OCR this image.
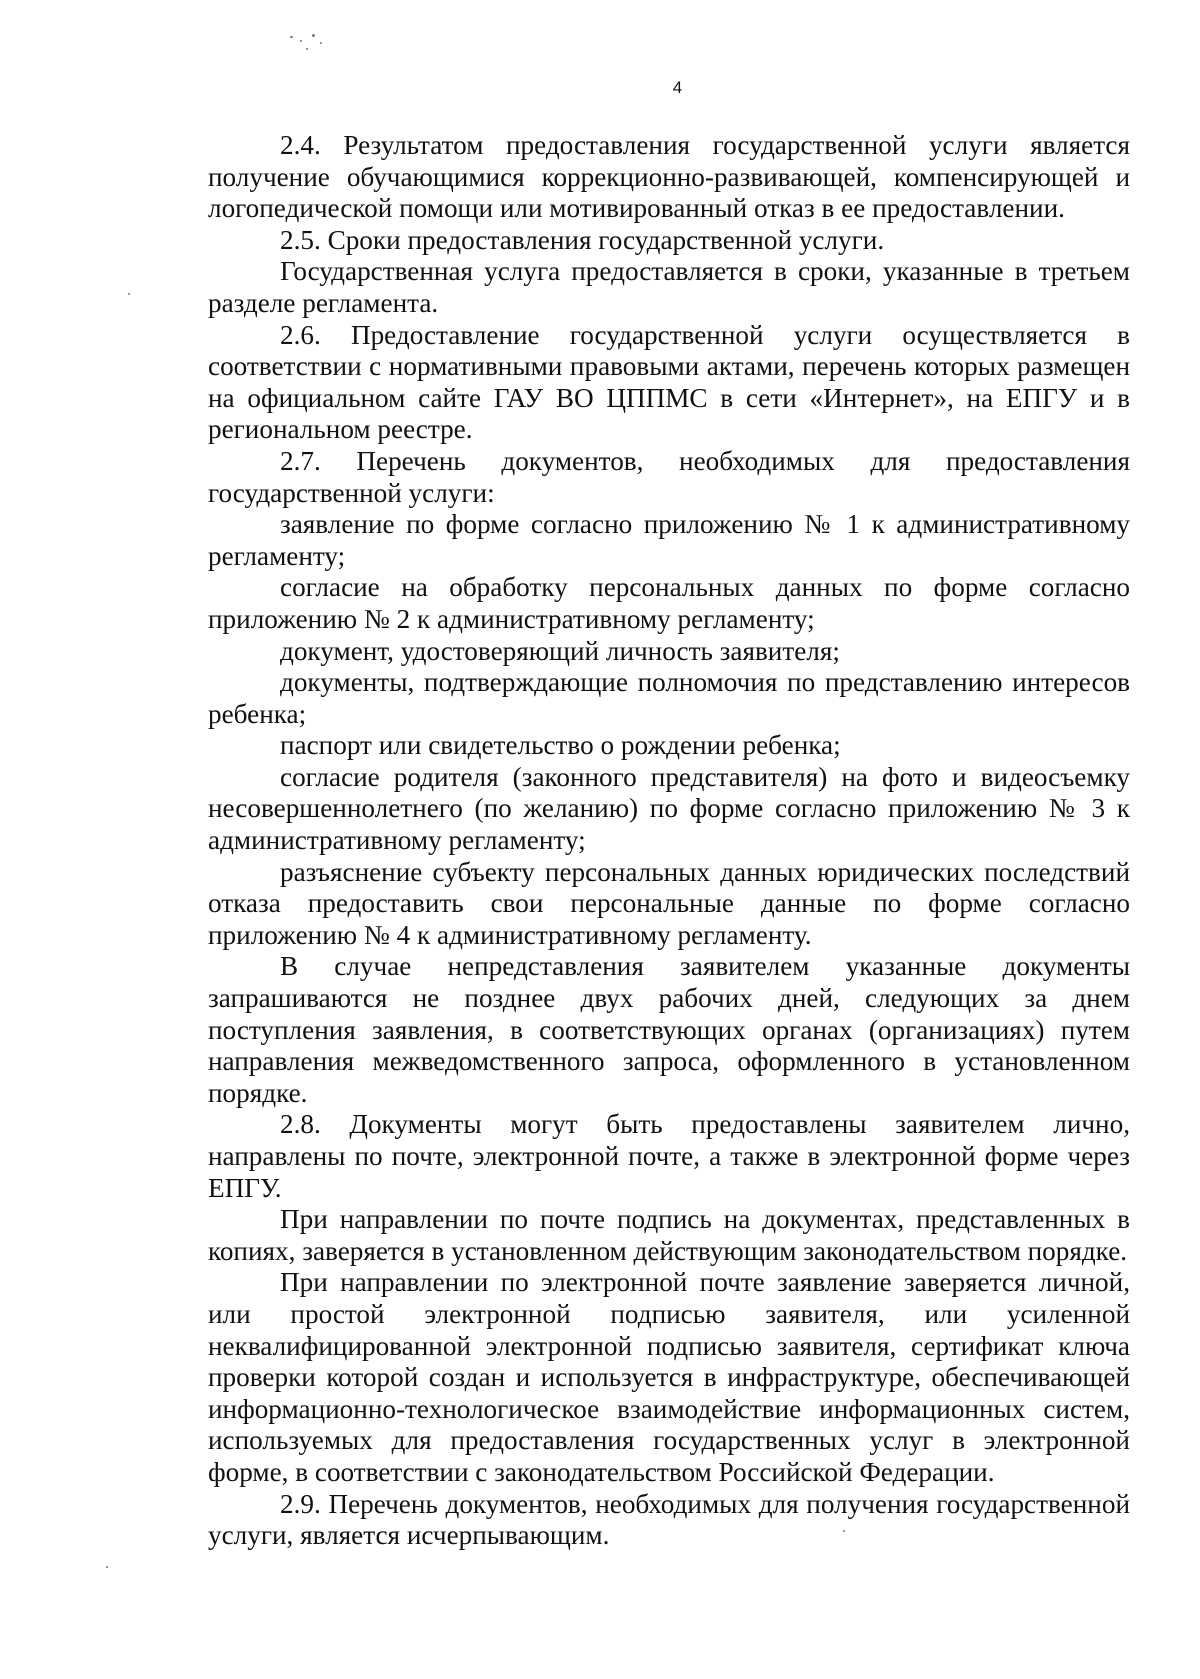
4

2.4. Результатом предоставления государственной услуги является получение обучающимися коррекционно-развивающей, компенсирующей и логопедической помощи или мотивированный отказ в ее предоставлении.

2.5. Сроки предоставления государственной услуги.

Государственная услуга предоставляется в сроки, указанные в третьем разделе регламента.

2.6. Предоставление государственной услуги осуществляется в соответствии с нормативными правовыми актами, перечень которых размещен на официальном сайте ГАУ ВО ЦППМС в сети «Интернет», на ЕПГУ и в региональном реестре.

2.7. Перечень документов, необходимых для предоставления государственной услуги:

заявление по форме согласно приложению № 1 к административному регламенту;

согласие на обработку персональных данных по форме согласно приложению № 2 к административному регламенту;

документ, удостоверяющий личность заявителя;

документы, подтверждающие полномочия по представлению интересов ребенка;

паспорт или свидетельство о рождении ребенка;

согласие родителя (законного представителя) на фото и видеосъемку несовершеннолетнего (по желанию) по форме согласно приложению № 3 к административному регламенту;

разъяснение субъекту персональных данных юридических последствий отказа предоставить свои персональные данные по форме согласно приложению № 4 к административному регламенту.

В случае непредставления заявителем указанные документы запрашиваются не позднее двух рабочих дней, следующих за днем поступления заявления, в соответствующих органах (организациях) путем направления межведомственного запроса, оформленного в установленном порядке.

2.8. Документы могут быть предоставлены заявителем лично, направлены по почте, электронной почте, а также в электронной форме через ЕПГУ.

При направлении по почте подпись на документах, представленных в копиях, заверяется в установленном действующим законодательством порядке.

При направлении по электронной почте заявление заверяется личной, или простой электронной подписью заявителя, или усиленной неквалифицированной электронной подписью заявителя, сертификат ключа проверки которой создан и используется в инфраструктуре, обеспечивающей информационно-технологическое взаимодействие информационных систем, используемых для предоставления государственных услуг в электронной форме, в соответствии с законодательством Российской Федерации.

2.9. Перечень документов, необходимых для получения государственной услуги, является исчерпывающим.
